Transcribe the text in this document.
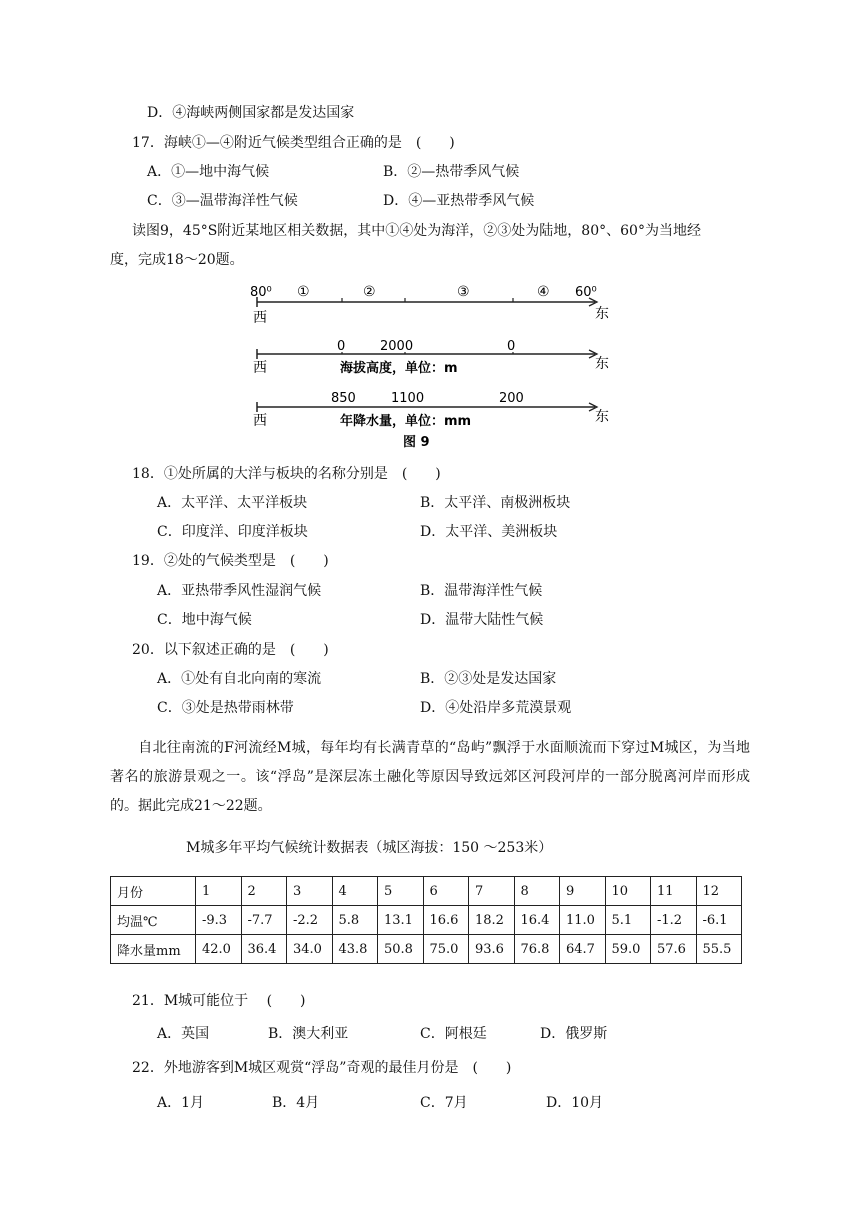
D．④海峡两侧国家都是发达国家
17．海峡①—④附近气候类型组合正确的是　(　　)
A．①—地中海气候	B．②—热带季风气候
C．③—温带海洋性气候	D．④—亚热带季风气候
读图9，45°S附近某地区相关数据，其中①④处为海洋，②③处为陆地，80°、60°为当地经
度，完成18～20题。
80⁰ ①	②	③	④ 60⁰
西	东
0	2000	0
西	海拔高度，单位：m	东
850	1100	200
西	年降水量，单位：mm	东
图 9
18．①处所属的大洋与板块的名称分别是　(　　)
A．太平洋、太平洋板块	B．太平洋、南极洲板块
C．印度洋、印度洋板块	D．太平洋、美洲板块
19．②处的气候类型是　(　　)
A．亚热带季风性湿润气候	B．温带海洋性气候
C．地中海气候	D．温带大陆性气候
20．以下叙述正确的是　(　　)
A．①处有自北向南的寒流	B．②③处是发达国家
C．③处是热带雨林带	D．④处沿岸多荒漠景观
自北往南流的F河流经M城，每年均有长满青草的“岛屿”飘浮于水面顺流而下穿过M城区，为当地著名的旅游景观之一。该“浮岛”是深层冻土融化等原因导致远郊区河段河岸的一部分脱离河岸而形成的。据此完成21～22题。
M城多年平均气候统计数据表（城区海拔：150 ～253米）
月份	1	2	3	4	5	6	7	8	9	10	11	12
均温℃	-9.3	-7.7	-2.2	5.8	13.1	16.6	18.2	16.4	11.0	5.1	-1.2	-6.1
降水量mm	42.0	36.4	34.0	43.8	50.8	75.0	93.6	76.8	64.7	59.0	57.6	55.5
21．M城可能位于　 (　　)
A．英国	B．澳大利亚	C．阿根廷	D．俄罗斯
22．外地游客到M城区观赏“浮岛”奇观的最佳月份是　(　　)
A．1月	B．4月	C．7月	D．10月
